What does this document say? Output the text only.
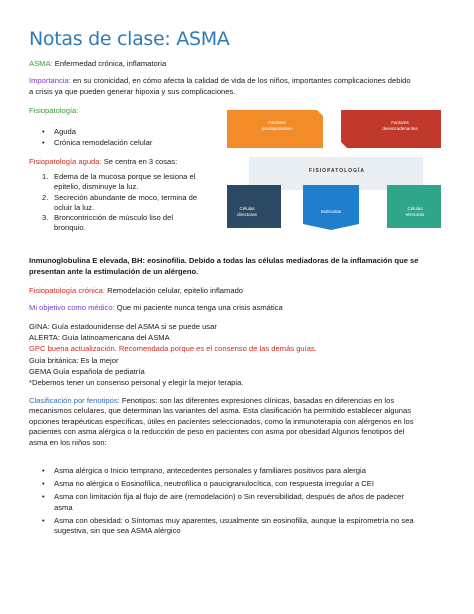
Notas de clase: ASMA
ASMA: Enfermedad crónica, inflamatoria
Importancia: en su cronicidad, en cómo afecta la calidad de vida de los niños, importantes complicaciones debido
a crisis ya que pueden generar hipoxia y sus complicaciones.
Fisiopatología:
• Aguda
• Crónica remodelación celular
Fisiopatología aguda: Se centra en 3 cosas:
1. Edema de la mucosa porque se lesiona el
epitelio, disminuye la luz.
2. Secreción abundante de moco, termina de
ocluir la luz.
3. Broncontricción de músculo liso del
bronquio.
Factores
predisponentes
Factores
desencadenantes
FISIOPATOLOGÍA
Células
directoras	Moléculas
Células
efectoras
Inmunoglobulina E elevada, BH: eosinofilia. Debido a todas las células mediadoras de la inflamación que se
presentan ante la estimulación de un alérgeno.
Fisiopatología crónica: Remodelación celular, epitelio inflamado
Mi objetivo como médico: Que mi paciente nunca tenga una crisis asmática
GINA: Guía estadounidense del ASMA si se puede usar
ALERTA: Guía latinoamericana del ASMA
GPC buena actualización. Recomendada porque es el consenso de las demás guías.
Guía británica: Es la mejor
GEMA Guía española de pediatría
*Debemos tener un consenso personal y elegir la mejor terapia.
Clasificación por fenotipos: Fenotipos: son las diferentes expresiones clínicas, basadas en diferencias en los
mecanismos celulares, que determinan las variantes del asma. Esta clasificación ha permitido establecer algunas
opciones terapéuticas específicas, útiles en pacientes seleccionados, como la inmunoterapia con alérgenos en los
pacientes con asma alérgica o la reducción de peso en pacientes con asma por obesidad Algunos fenotipos del
asma en los niños son:
• Asma alérgica o Inicio temprano, antecedentes personales y familiares positivos para alergia
• Asma no alérgica o Eosinofílica, neutrofílica o paucigranulocítica, con respuesta irregular a CEI
• Asma con limitación fija al flujo de aire (remodelación) o Sin reversibilidad, después de años de padecer
asma
• Asma con obesidad: o Síntomas muy aparentes, usualmente sin eosinofilia, aunque la espirometría no sea
sugestiva, sin que sea ASMA alérgico
